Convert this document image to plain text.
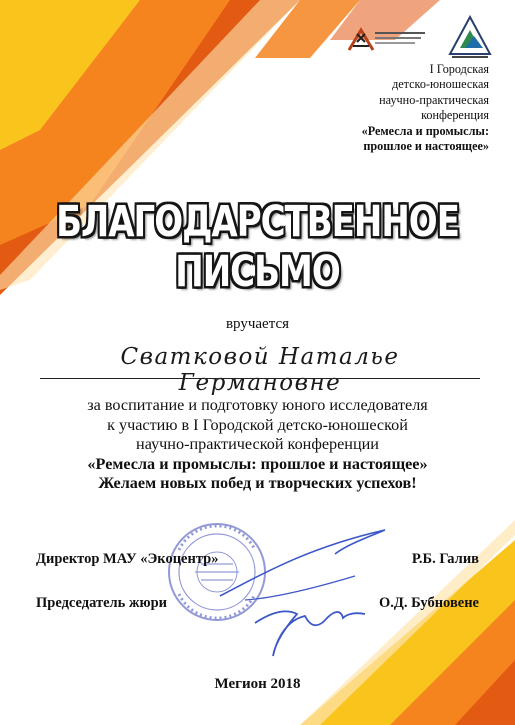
I Городская
детско-юношеская
научно-практическая
конференция
«Ремесла и промыслы:
прошлое и настоящее»
БЛАГОДАРСТВЕННОЕ
ПИСЬМО
вручается
Сватковой Наталье Германовне
за воспитание и подготовку юного исследователя
к участию в I Городской детско-юношеской
научно-практической конференции
«Ремесла и промыслы: прошлое и настоящее»
Желаем новых побед и творческих успехов!
Директор МАУ «Экоцентр»	Р.Б. Галив
Председатель жюри	О.Д. Бубновене
Мегион 2018
